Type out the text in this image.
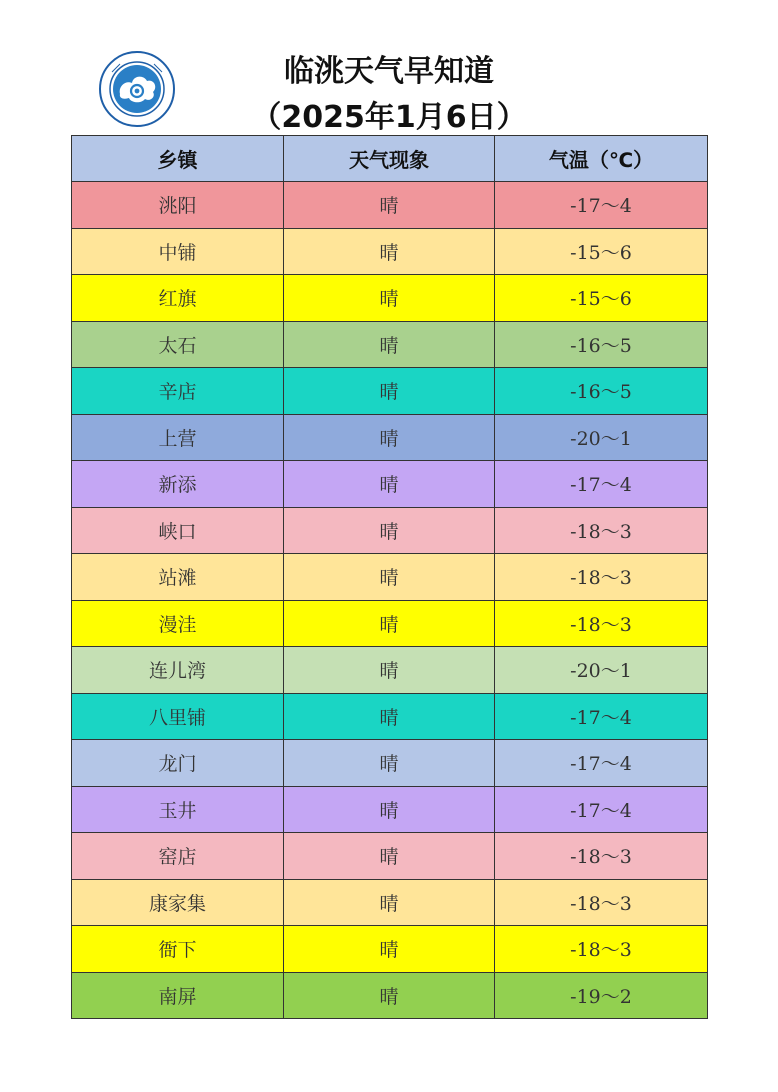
临洮天气早知道
（2025年1月6日）
乡镇	天气现象	气温（℃）
洮阳	晴	-17～4
中铺	晴	-15～6
红旗	晴	-15～6
太石	晴	-16～5
辛店	晴	-16～5
上营	晴	-20～1
新添	晴	-17～4
峡口	晴	-18～3
站滩	晴	-18～3
漫洼	晴	-18～3
连儿湾	晴	-20～1
八里铺	晴	-17～4
龙门	晴	-17～4
玉井	晴	-17～4
窑店	晴	-18～3
康家集	晴	-18～3
衙下	晴	-18～3
南屏	晴	-19～2
